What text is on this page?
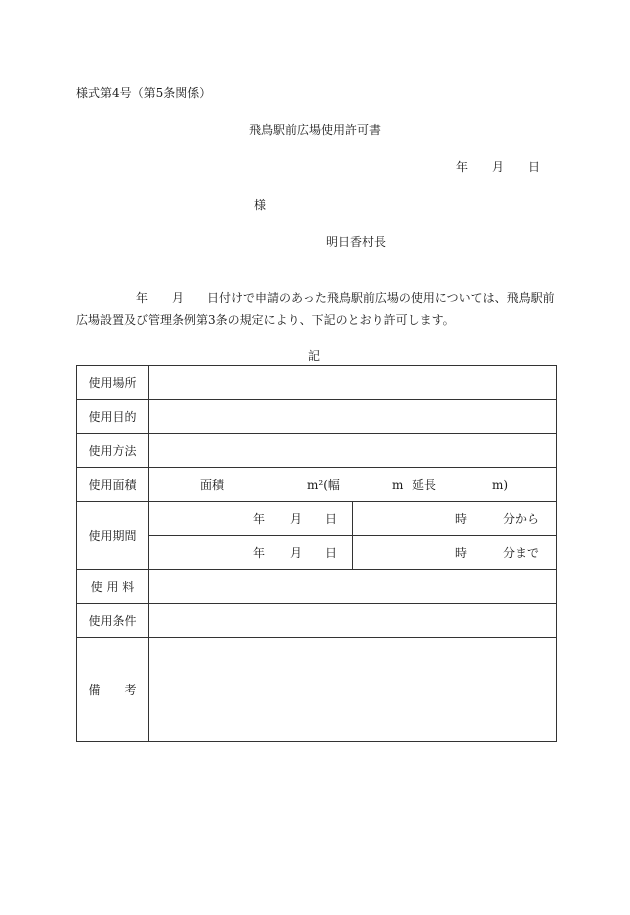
様式第4号（第5条関係）
飛鳥駅前広場使用許可書
年 月 日
様
明日香村長
年 月 日付けで申請のあった飛鳥駅前広場の使用については、飛鳥駅前
広場設置及び管理条例第3条の規定により、下記のとおり許可します。
記
使用場所		
使用目的		
使用方法		
使用面積	面積 m²(幅 m 延長 m)	

使用期間	年 月 日	時 分から

	年 月 日	時 分まで

使 用 料		
使用条件		
備　　考		
